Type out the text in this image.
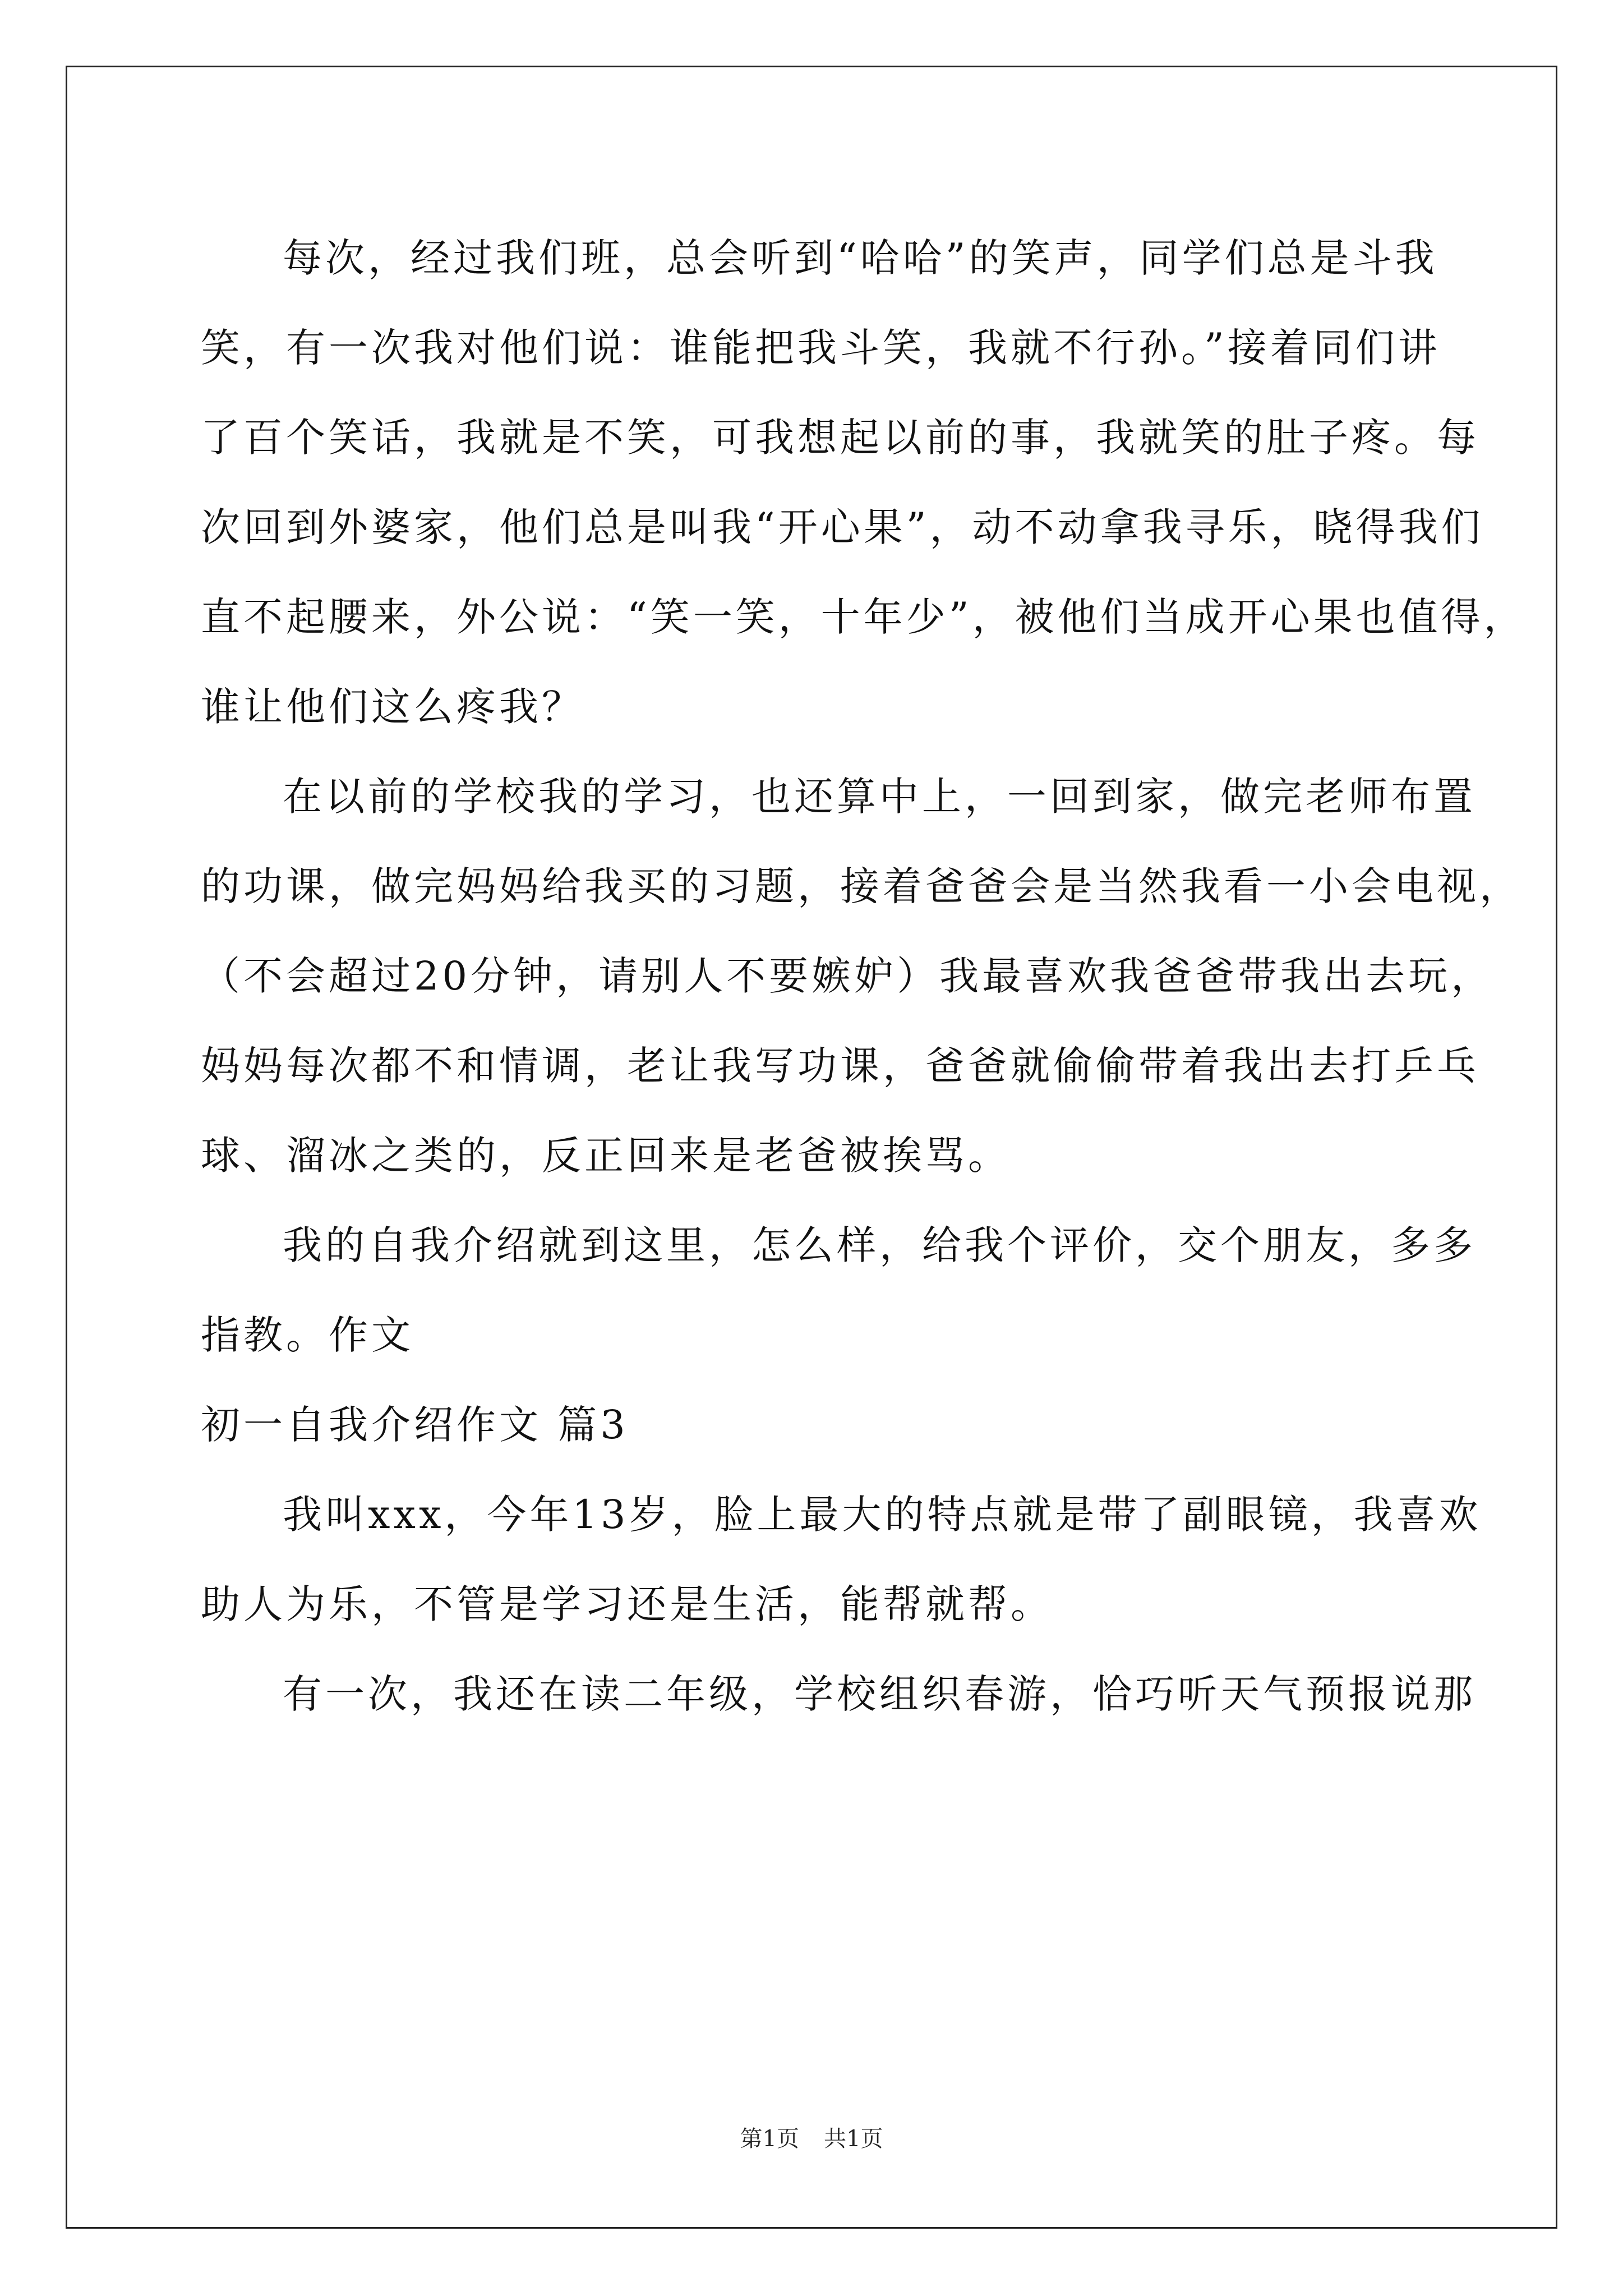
每次，经过我们班，总会听到“哈哈”的笑声，同学们总是斗我
笑，有一次我对他们说：谁能把我斗笑，我就不行孙。”接着同们讲
了百个笑话，我就是不笑，可我想起以前的事，我就笑的肚子疼。每
次回到外婆家，他们总是叫我“开心果”，动不动拿我寻乐，晓得我们
直不起腰来，外公说：“笑一笑，十年少”，被他们当成开心果也值得，
谁让他们这么疼我？
在以前的学校我的学习，也还算中上，一回到家，做完老师布置
的功课，做完妈妈给我买的习题，接着爸爸会是当然我看一小会电视，
（不会超过20分钟，请别人不要嫉妒）我最喜欢我爸爸带我出去玩，
妈妈每次都不和情调，老让我写功课，爸爸就偷偷带着我出去打乒乓
球、溜冰之类的，反正回来是老爸被挨骂。
我的自我介绍就到这里，怎么样，给我个评价，交个朋友，多多
指教。作文
初一自我介绍作文 篇3
我叫xxx，今年13岁，脸上最大的特点就是带了副眼镜，我喜欢
助人为乐，不管是学习还是生活，能帮就帮。
有一次，我还在读二年级，学校组织春游，恰巧听天气预报说那
第1页 共1页
